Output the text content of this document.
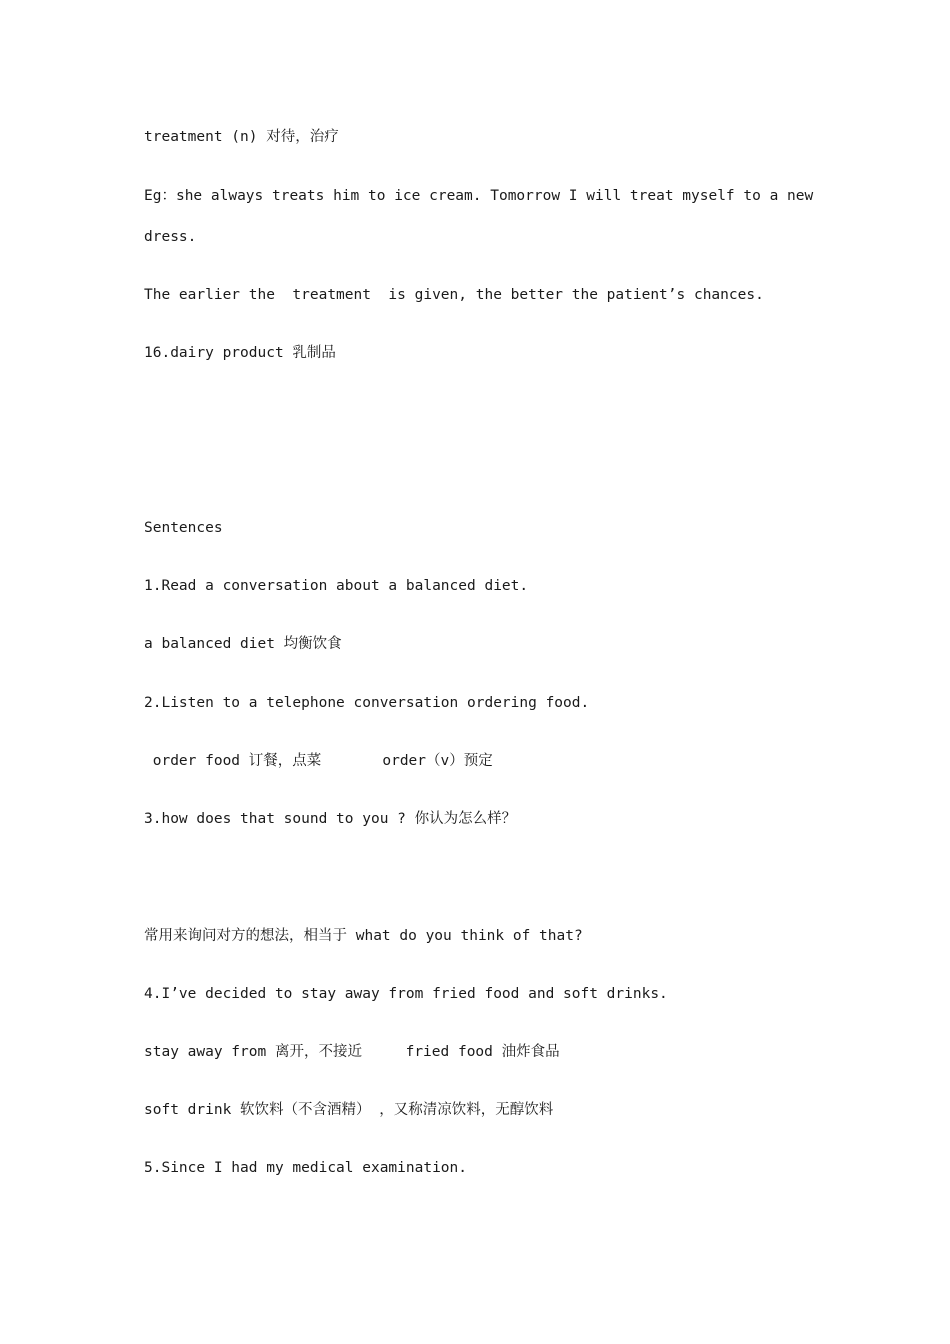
treatment (n) 对待，治疗
Eg：she always treats him to ice cream. Tomorrow I will treat myself to a new
dress.
The earlier the  treatment  is given, the better the patient’s chances.
16.dairy product 乳制品
Sentences
1.Read a conversation about a balanced diet.
a balanced diet 均衡饮食
2.Listen to a telephone conversation ordering food.
order food 订餐，点菜       order（v）预定
3.how does that sound to you ? 你认为怎么样？
常用来询问对方的想法，相当于 what do you think of that?
4.I’ve decided to stay away from fried food and soft drinks.
stay away from 离开，不接近     fried food 油炸食品
soft drink 软饮料（不含酒精） ，又称清凉饮料，无醇饮料
5.Since I had my medical examination.
